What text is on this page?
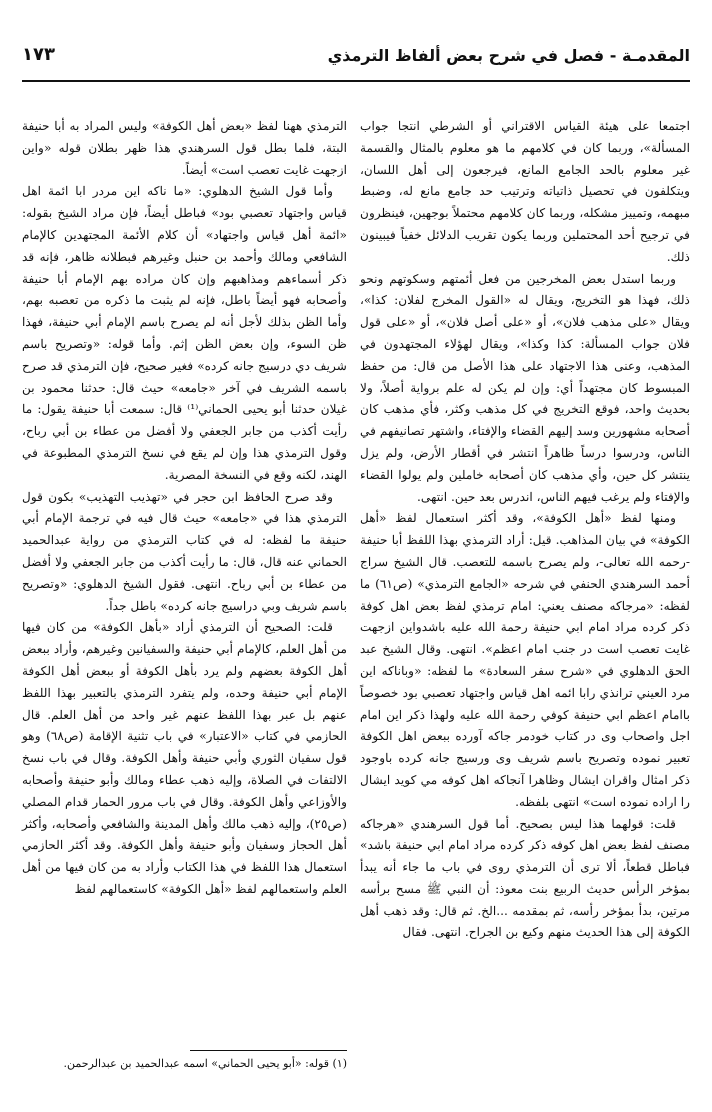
المقدمـة - فصل في شرح بعض ألفاظ الترمذي
١٧٣

اجتمعا على هيئة القياس الاقتراني أو الشرطي انتجا جواب المسألة»، وربما كان في كلامهم ما هو معلوم بالمثال والقسمة غير معلوم بالحد الجامع المانع، فيرجعون إلى أهل اللسان، ويتكلفون في تحصيل ذاتياته وترتيب حد جامع مانع له، وضبط مبهمه، وتمييز مشكله، وربما كان كلامهم محتملاً بوجهين، فينظرون في ترجيح أحد المحتملين وربما يكون تقريب الدلائل خفياً فيبينون ذلك.

وربما استدل بعض المخرجين من فعل أئمتهم وسكوتهم ونحو ذلك، فهذا هو التخريج، ويقال له «القول المخرج لفلان: كذا»، ويقال «على مذهب فلان»، أو «على أصل فلان»، أو «على قول فلان جواب المسألة: كذا وكذا»، ويقال لهؤلاء المجتهدون في المذهب، وعنى هذا الاجتهاد على هذا الأصل من قال: من حفظ المبسوط كان مجتهداً أي: وإن لم يكن له علم برواية أصلاً، ولا بحديث واحد، فوقع التخريج في كل مذهب وكثر، فأي مذهب كان أصحابه مشهورين وسد إليهم القضاء والإفتاء، واشتهر تصانيفهم في الناس، ودرسوا درساً ظاهراً انتشر في أقطار الأرض، ولم يزل ينتشر كل حين، وأي مذهب كان أصحابه خاملين ولم يولوا القضاء والإفتاء ولم يرغب فيهم الناس، اندرس بعد حين. انتهى.

ومنها لفظ «أهل الكوفة»، وقد أكثر استعمال لفظ «أهل الكوفة» في بيان المذاهب. قيل: أراد الترمذي بهذا اللفظ أبا حنيفة -رحمه الله تعالى-، ولم يصرح باسمه للتعصب. قال الشيخ سراج أحمد السرهندي الحنفي في شرحه «الجامع الترمذي» (ص٦١) ما لفظه: «مرجاكه مصنف يعني: امام ترمذي لفظ بعض اهل كوفة ذكر كرده مراد امام ابي حنيفة رحمة الله عليه باشدواين ازجهت غايت تعصب است در جنب امام اعظم». انتهى. وقال الشيخ عبد الحق الدهلوي في «شرح سفر السعادة» ما لفظه: «وباناكه اين مرد العيني ترانذي رابا ائمه اهل قياس واجتهاد تعصبي بود خصوصاً باامام اعظم ابي حنيفة كوفي رحمة الله عليه ولهذا ذكر اين امام اجل واصحاب وى در كتاب خودمر جاكه آورده ببعض اهل الكوفة تعبير نموده وتصريح باسم شريف وى ورسيج جانه كرده باوجود ذكر امثال واقران ايشال وظاهرا آنجاكه اهل كوفه مي كويد ايشال را اراده نموده است» انتهى بلفظه.

قلت: قولهما هذا ليس بصحيح. أما قول السرهندي «هرجاكه مصنف لفظ بعض اهل كوفه ذكر كرده مراد امام ابي حنيفة باشد» فباطل قطعاً، ألا ترى أن الترمذي روى في باب ما جاء أنه يبدأ بمؤخر الرأس حديث الربيع بنت معوذ: أن النبي ﷺ مسح برأسه مرتين، بدأ بمؤخر رأسه، ثم بمقدمه ...الخ. ثم قال: وقد ذهب أهل الكوفة إلى هذا الحديث منهم وكيع بن الجراح. انتهى. فقال

الترمذي ههنا لفظ «بعض أهل الكوفة» وليس المراد به أبا حنيفة البتة، فلما بطل قول السرهندي هذا ظهر بطلان قوله «واين ازجهت غايت تعصب است» أيضاً.

وأما قول الشيخ الدهلوي: «ما ناكه اين مردر ابا ائمة اهل قياس واجتهاد تعصبي بود» فباطل أيضاً، فإن مراد الشيخ بقوله: «ائمة أهل قياس واجتهاد» أن كلام الأئمة المجتهدين كالإمام الشافعي ومالك وأحمد بن حنبل وغيرهم فبطلانه ظاهر، فإنه قد ذكر أسماءهم ومذاهبهم وإن كان مراده بهم الإمام أبا حنيفة وأصحابه فهو أيضاً باطل، فإنه لم يثبت ما ذكره من تعصبه بهم، وأما الظن بذلك لأجل أنه لم يصرح باسم الإمام أبي حنيفة، فهذا ظن السوء، وإن بعض الظن إثم. وأما قوله: «وتصريح باسم شريف دي درسيج جانه كرده» فغير صحيح، فإن الترمذي قد صرح باسمه الشريف في آخر «جامعه» حيث قال: حدثنا محمود بن غيلان حدثنا أبو يحيى الحماني⁽¹⁾ قال: سمعت أبا حنيفة يقول: ما رأيت أكذب من جابر الجعفي ولا أفضل من عطاء بن أبي رباح، وقول الترمذي هذا وإن لم يقع في نسخ الترمذي المطبوعة في الهند، لكنه وقع في النسخة المصرية.

وقد صرح الحافظ ابن حجر في «تهذيب التهذيب» بكون قول الترمذي هذا في «جامعه» حيث قال فيه في ترجمة الإمام أبي حنيفة ما لفظه: له في كتاب الترمذي من رواية عبدالحميد الحماني عنه قال، قال: ما رأيت أكذب من جابر الجعفي ولا أفضل من عطاء بن أبي رباح. انتهى. فقول الشيخ الدهلوي: «وتصريح باسم شريف وبي دراسيج جانه كرده» باطل جداً.

قلت: الصحيح أن الترمذي أراد «بأهل الكوفة» من كان فيها من أهل العلم، كالإمام أبي حنيفة والسفيانين وغيرهم، وأراد ببعض أهل الكوفة بعضهم ولم يرد بأهل الكوفة أو ببعض أهل الكوفة الإمام أبي حنيفة وحده، ولم يتفرد الترمذي بالتعبير بهذا اللفظ عنهم بل عبر بهذا اللفظ عنهم غير واحد من أهل العلم. قال الحازمي في كتاب «الاعتبار» في باب تثنية الإقامة (ص٦٨) وهو قول سفيان الثوري وأبي حنيفة وأهل الكوفة. وقال في باب نسخ الالتفات في الصلاة، وإليه ذهب عطاء ومالك وأبو حنيفة وأصحابه والأوزاعي وأهل الكوفة. وقال في باب مرور الحمار قدام المصلي (ص٢٥)، وإليه ذهب مالك وأهل المدينة والشافعي وأصحابه، وأكثر أهل الحجاز وسفيان وأبو حنيفة وأهل الكوفة. وقد أكثر الحازمي استعمال هذا اللفظ في هذا الكتاب وأراد به من كان فيها من أهل العلم واستعمالهم لفظ «أهل الكوفة» كاستعمالهم لفظ

(١) قوله: «أبو يحيى الحماني» اسمه عبدالحميد بن عبدالرحمن.
